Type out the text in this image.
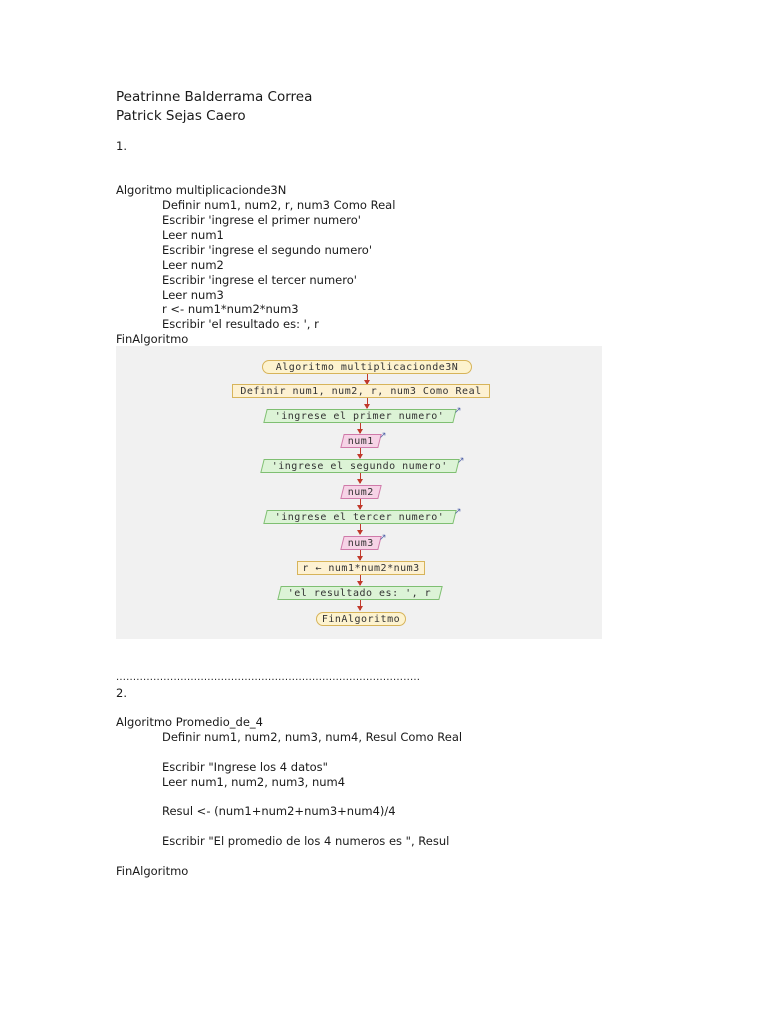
Peatrinne Balderrama Correa
Patrick Sejas Caero
1.
Algoritmo multiplicacionde3N
Definir num1, num2, r, num3 Como Real
Escribir 'ingrese el primer numero'
Leer num1
Escribir 'ingrese el segundo numero'
Leer num2
Escribir 'ingrese el tercer numero'
Leer num3
r <- num1*num2*num3
Escribir 'el resultado es: ', r
FinAlgoritmo
Algoritmo multiplicacionde3N
Definir num1, num2, r, num3 Como Real
'ingrese el primer numero'	↗
num1 ↗
'ingrese el segundo numero'	↗
num2
'ingrese el tercer numero'	↗
num3 ↗
r ← num1*num2*num3
'el resultado es: ', r
FinAlgoritmo
..........................................................................................
2.
Algoritmo Promedio_de_4
Definir num1, num2, num3, num4, Resul Como Real
Escribir "Ingrese los 4 datos"
Leer num1, num2, num3, num4
Resul <- (num1+num2+num3+num4)/4
Escribir "El promedio de los 4 numeros es ", Resul
FinAlgoritmo
